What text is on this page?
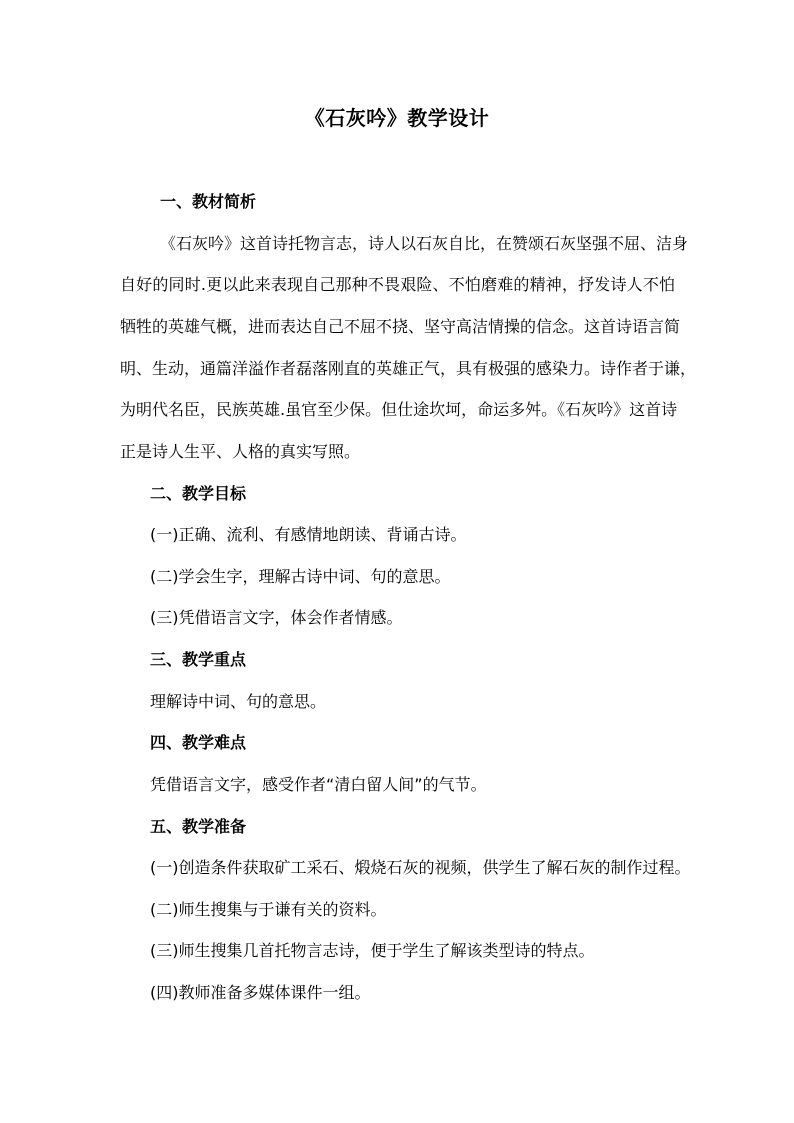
《石灰吟》教学设计
一、教材简析
《石灰吟》这首诗托物言志，诗人以石灰自比，在赞颂石灰坚强不屈、洁身
自好的同时.更以此来表现自己那种不畏艰险、不怕磨难的精神，抒发诗人不怕
牺牲的英雄气概，进而表达自己不屈不挠、坚守高洁情操的信念。这首诗语言简
明、生动，通篇洋溢作者磊落刚直的英雄正气，具有极强的感染力。诗作者于谦，
为明代名臣，民族英雄.虽官至少保。但仕途坎坷，命运多舛。《石灰吟》这首诗
正是诗人生平、人格的真实写照。
二、教学目标
(一)正确、流利、有感情地朗读、背诵古诗。
(二)学会生字，理解古诗中词、句的意思。
(三)凭借语言文字，体会作者情感。
三、教学重点
理解诗中词、句的意思。
四、教学难点
凭借语言文字，感受作者“清白留人间”的气节。
五、教学准备
(一)创造条件获取矿工采石、煅烧石灰的视频，供学生了解石灰的制作过程。
(二)师生搜集与于谦有关的资料。
(三)师生搜集几首托物言志诗，便于学生了解该类型诗的特点。
(四)教师准备多媒体课件一组。
